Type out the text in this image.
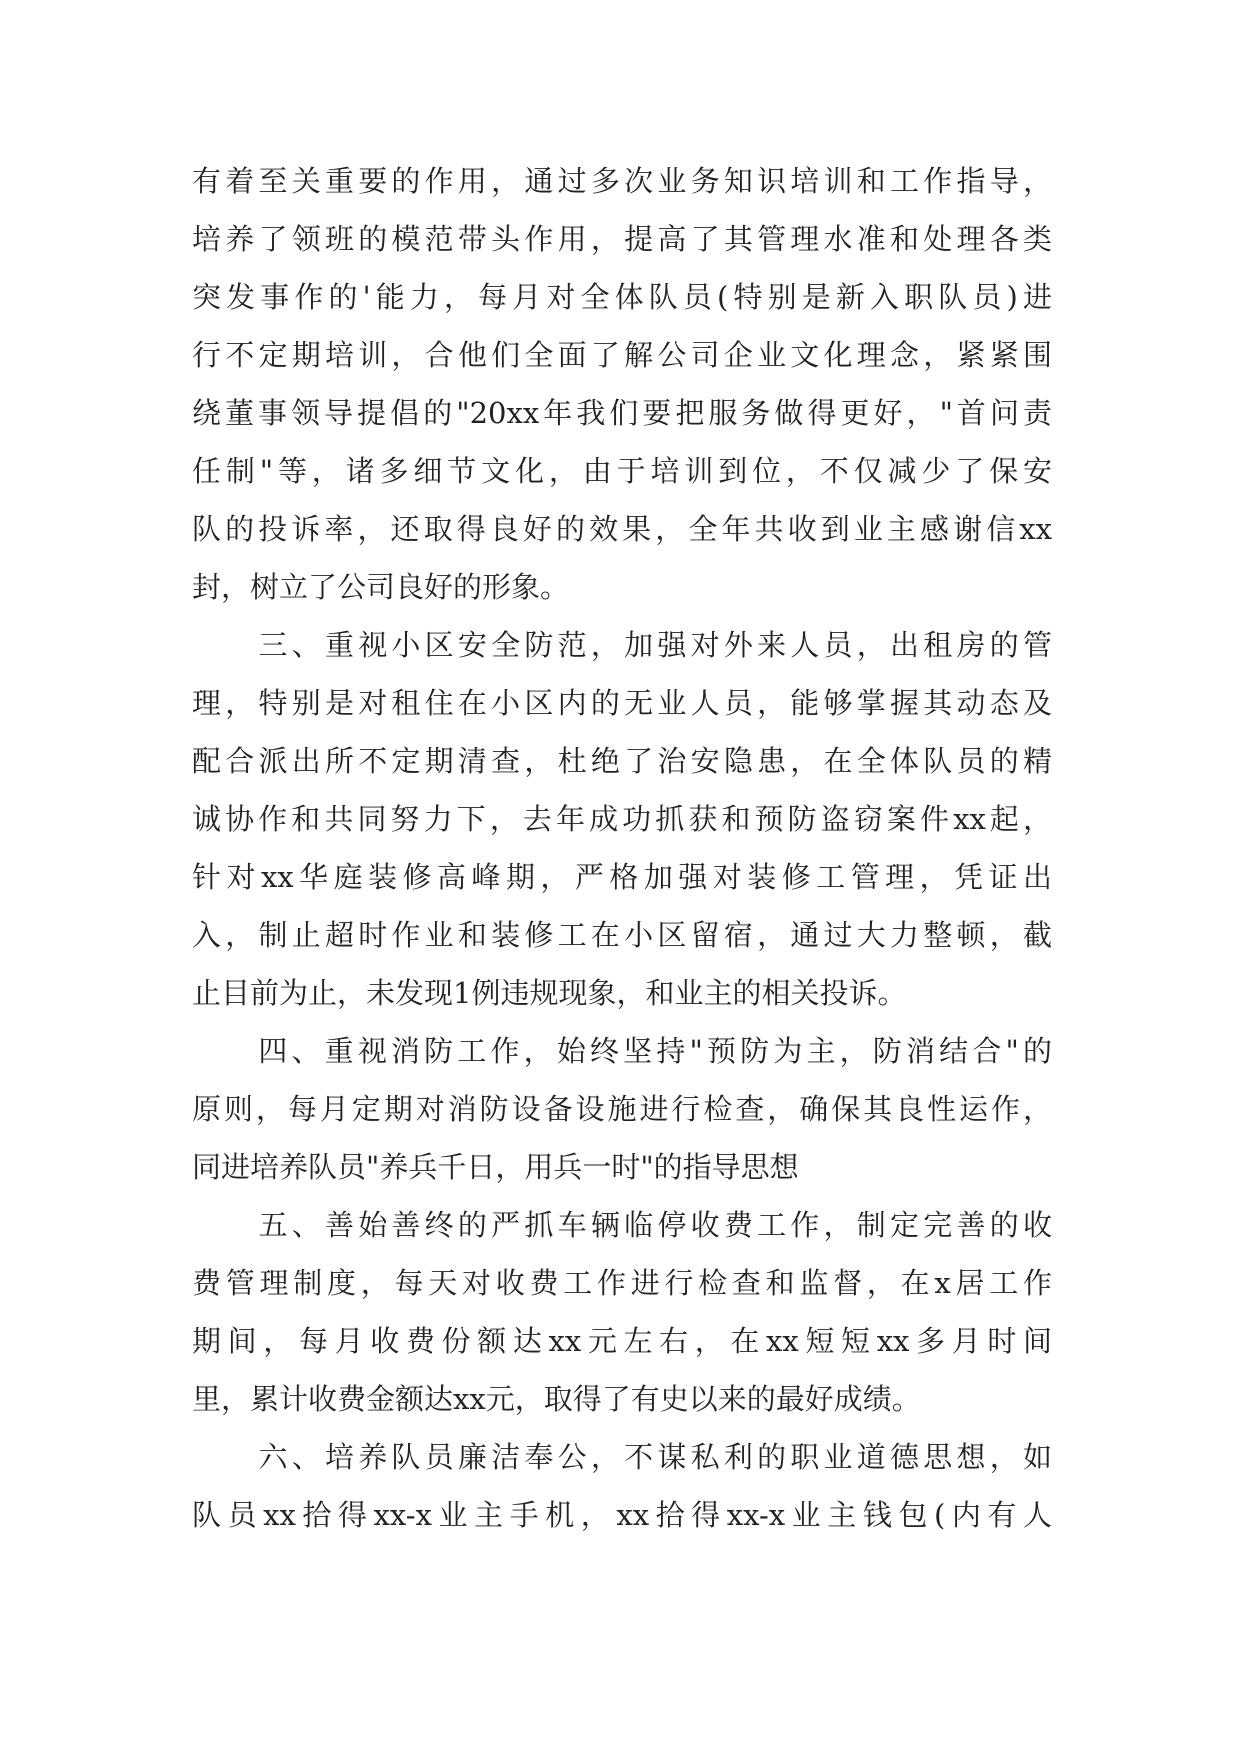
有着至关重要的作用，通过多次业务知识培训和工作指导，
培养了领班的模范带头作用，提高了其管理水准和处理各类
突发事作的'能力，每月对全体队员(特别是新入职队员)进
行不定期培训，合他们全面了解公司企业文化理念，紧紧围
绕董事领导提倡的"20xx年我们要把服务做得更好，"首问责
任制"等，诸多细节文化，由于培训到位，不仅减少了保安
队的投诉率，还取得良好的效果，全年共收到业主感谢信xx
封，树立了公司良好的形象。
　　三、重视小区安全防范，加强对外来人员，出租房的管
理，特别是对租住在小区内的无业人员，能够掌握其动态及
配合派出所不定期清查，杜绝了治安隐患，在全体队员的精
诚协作和共同努力下，去年成功抓获和预防盗窃案件xx起，
针对xx华庭装修高峰期，严格加强对装修工管理，凭证出
入，制止超时作业和装修工在小区留宿，通过大力整顿，截
止目前为止，未发现1例违规现象，和业主的相关投诉。
　　四、重视消防工作，始终坚持"预防为主，防消结合"的
原则，每月定期对消防设备设施进行检查，确保其良性运作，
同进培养队员"养兵千日，用兵一时"的指导思想
　　五、善始善终的严抓车辆临停收费工作，制定完善的收
费管理制度，每天对收费工作进行检查和监督，在x居工作
期间，每月收费份额达xx元左右，在xx短短xx多月时间
里，累计收费金额达xx元，取得了有史以来的最好成绩。
　　六、培养队员廉洁奉公，不谋私利的职业道德思想，如
队员xx拾得xx-x业主手机，xx拾得xx-x业主钱包(内有人
